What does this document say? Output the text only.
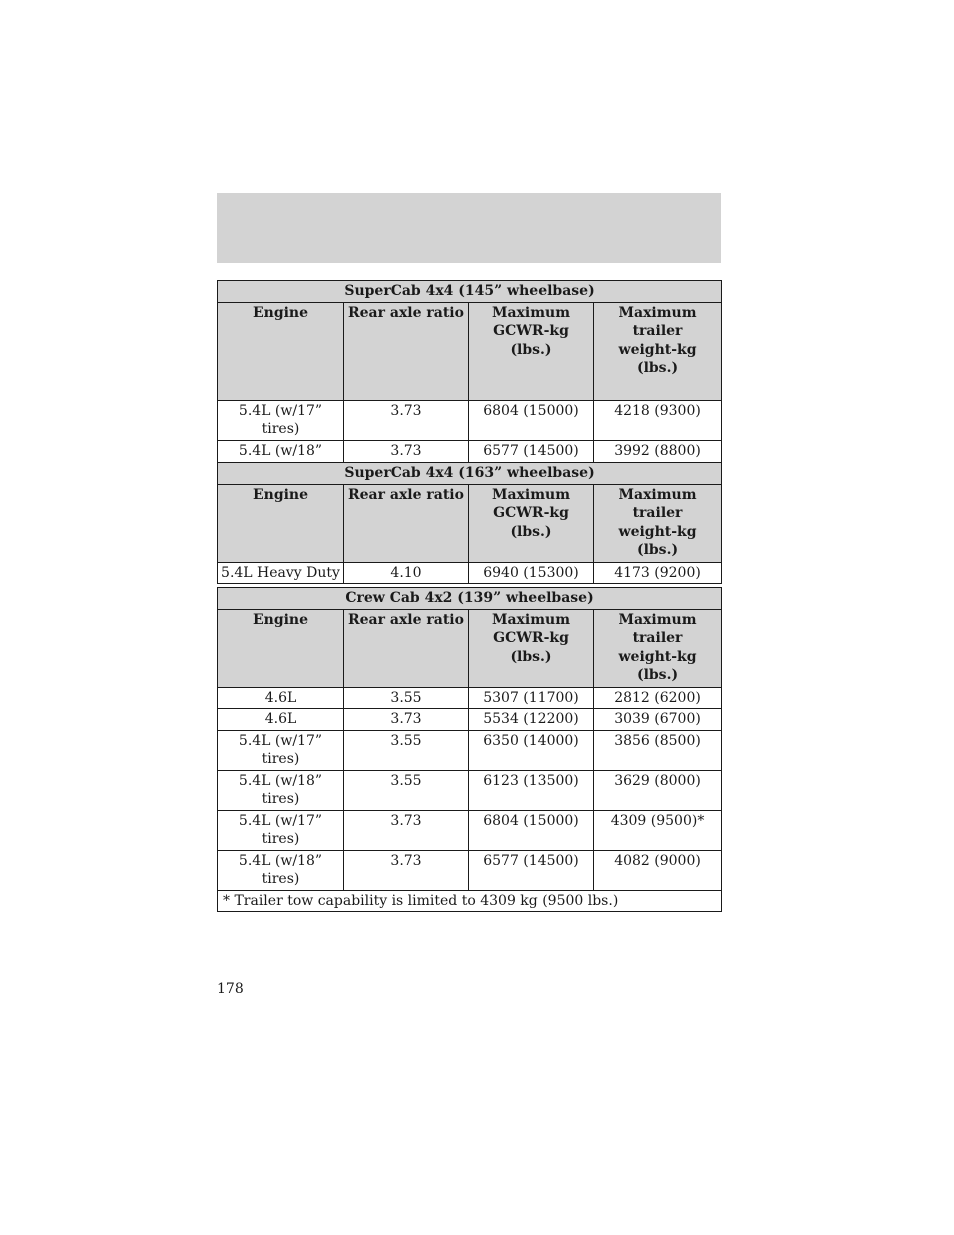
SuperCab 4x4 (145” wheelbase)			
Engine	Rear axle ratio	Maximum GCWR-kg (lbs.)	Maximum trailer weight-kg (lbs.)
5.4L (w/17” tires)	3.73	6804 (15000)	4218 (9300)
5.4L (w/18”	3.73	6577 (14500)	3992 (8800)
SuperCab 4x4 (163” wheelbase)			
Engine	Rear axle ratio	Maximum GCWR-kg (lbs.)	Maximum trailer weight-kg (lbs.)
5.4L Heavy Duty	4.10	6940 (15300)	4173 (9200)
Crew Cab 4x2 (139” wheelbase)			
Engine	Rear axle ratio	Maximum GCWR-kg (lbs.)	Maximum trailer weight-kg (lbs.)
4.6L	3.55	5307 (11700)	2812 (6200)
4.6L	3.73	5534 (12200)	3039 (6700)
5.4L (w/17” tires)	3.55	6350 (14000)	3856 (8500)
5.4L (w/18” tires)	3.55	6123 (13500)	3629 (8000)
5.4L (w/17” tires)	3.73	6804 (15000)	4309 (9500)*
5.4L (w/18” tires)	3.73	6577 (14500)	4082 (9000)
* Trailer tow capability is limited to 4309 kg (9500 lbs.)			
178
